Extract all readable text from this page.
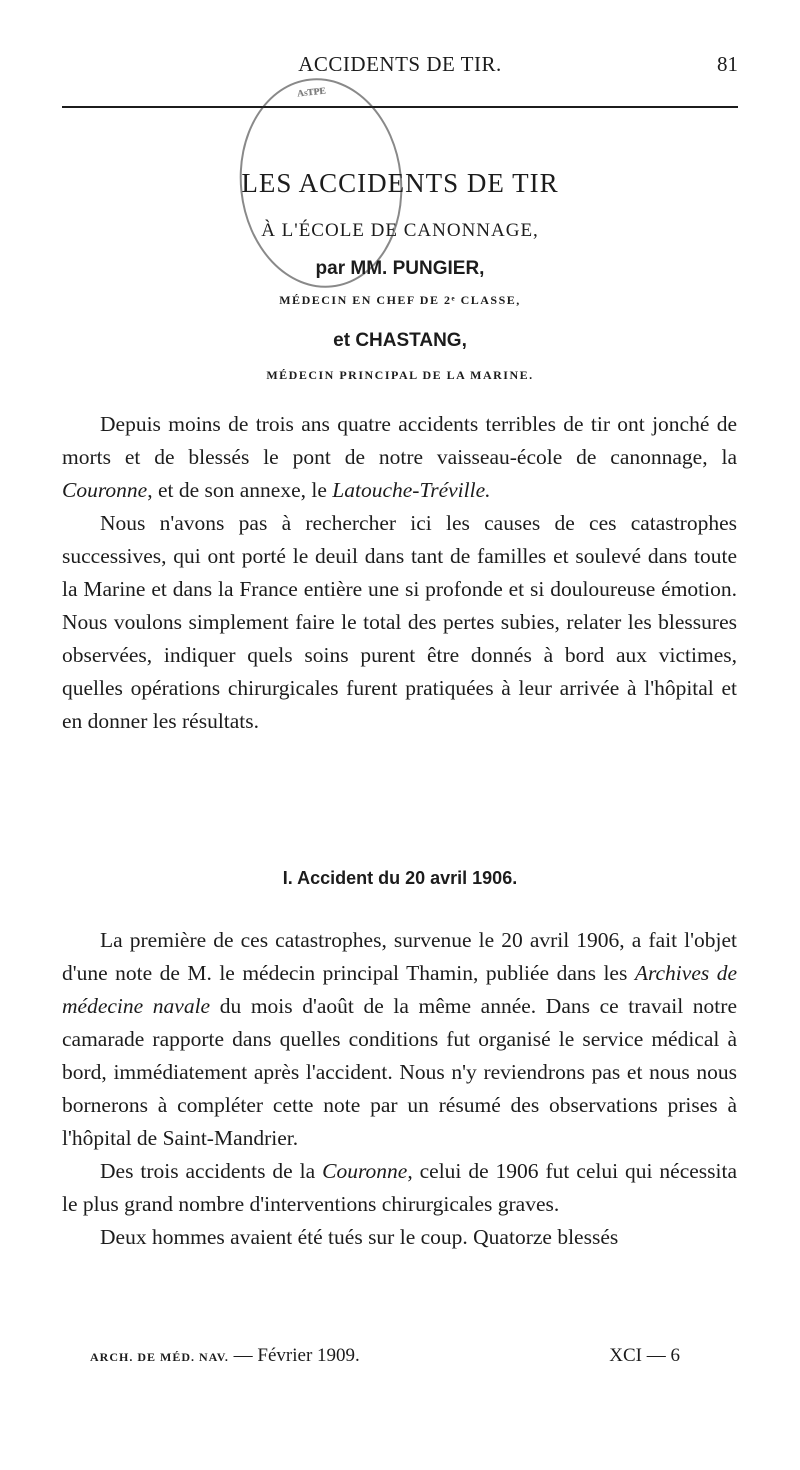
ACCIDENTS DE TIR.	81
ᴬˢᵀᴾᴱ
LES ACCIDENTS DE TIR
À L'ÉCOLE DE CANONNAGE,
par MM. PUNGIER,
MÉDECIN EN CHEF DE 2ᵉ CLASSE,
et CHASTANG,
MÉDECIN PRINCIPAL DE LA MARINE.

Depuis moins de trois ans quatre accidents terribles de tir ont jonché de morts et de blessés le pont de notre vaisseau-école de canonnage, la Couronne, et de son annexe, le Latouche-Tréville.

Nous n'avons pas à rechercher ici les causes de ces catastrophes successives, qui ont porté le deuil dans tant de familles et soulevé dans toute la Marine et dans la France entière une si profonde et si douloureuse émotion. Nous voulons simplement faire le total des pertes subies, relater les blessures observées, indiquer quels soins purent être donnés à bord aux victimes, quelles opérations chirurgicales furent pratiquées à leur arrivée à l'hôpital et en donner les résultats.

I. Accident du 20 avril 1906.

La première de ces catastrophes, survenue le 20 avril 1906, a fait l'objet d'une note de M. le médecin principal Thamin, publiée dans les Archives de médecine navale du mois d'août de la même année. Dans ce travail notre camarade rapporte dans quelles conditions fut organisé le service médical à bord, immédiatement après l'accident. Nous n'y reviendrons pas et nous nous bornerons à compléter cette note par un résumé des observations prises à l'hôpital de Saint-Mandrier.

Des trois accidents de la Couronne, celui de 1906 fut celui qui nécessita le plus grand nombre d'interventions chirurgicales graves.

Deux hommes avaient été tués sur le coup. Quatorze blessés

ARCH. DE MÉD. NAV. — Février 1909.	XCI — 6
